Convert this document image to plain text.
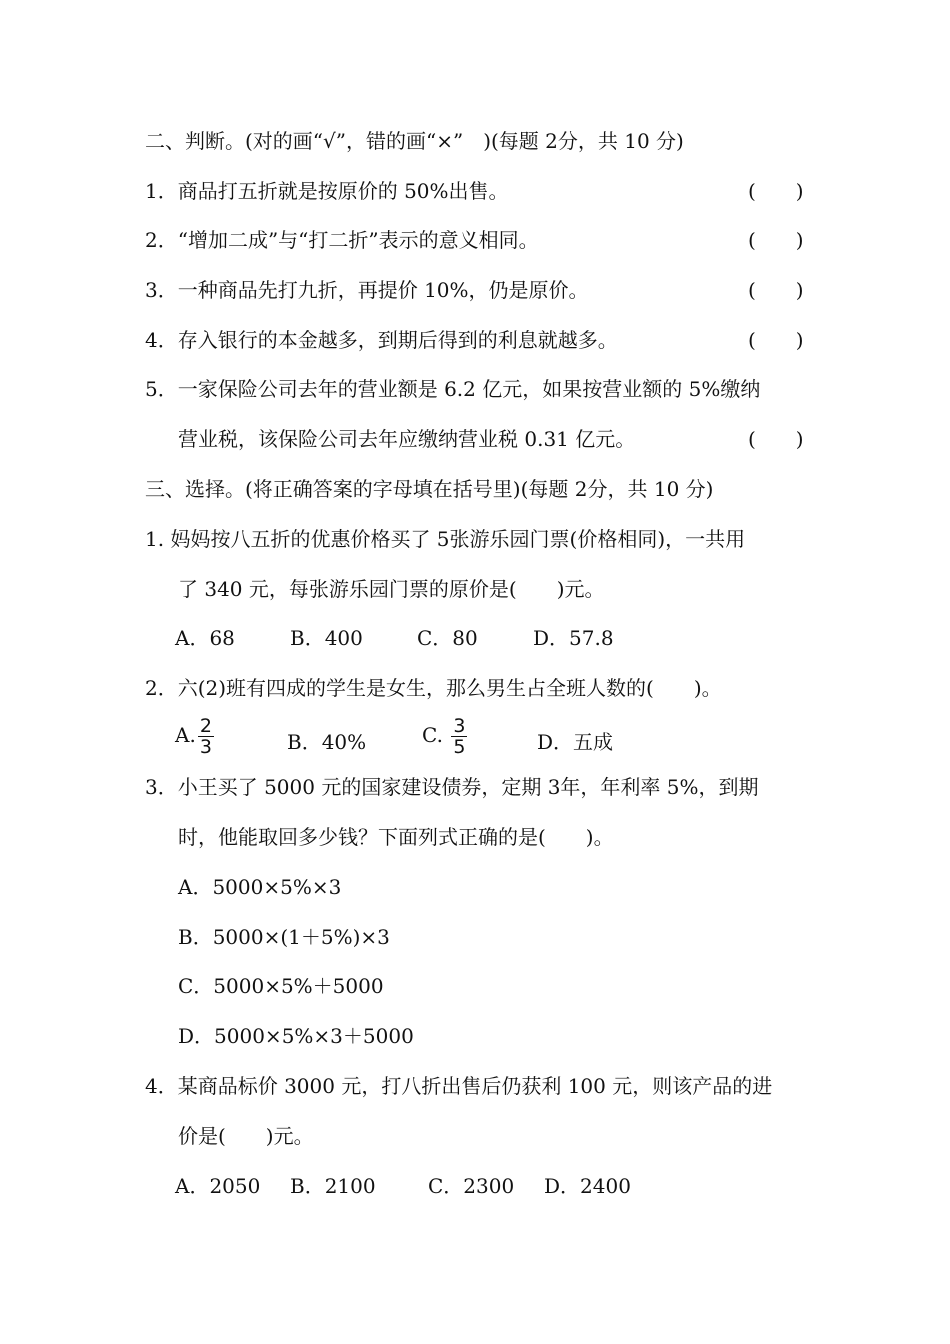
二、判断。(对的画“√”，错的画“×”　)(每题 2分，共 10 分)
1．商品打五折就是按原价的 50%出售。	(　　)
2．“增加二成”与“打二折”表示的意义相同。	(　　)
3．一种商品先打九折，再提价 10%，仍是原价。	(　　)
4．存入银行的本金越多，到期后得到的利息就越多。	(　　)
5．一家保险公司去年的营业额是 6.2 亿元，如果按营业额的 5%缴纳
营业税，该保险公司去年应缴纳营业税 0.31 亿元。	(　　)
三、选择。(将正确答案的字母填在括号里)(每题 2分，共 10 分)
1. 妈妈按八五折的优惠价格买了 5张游乐园门票(价格相同)，一共用
了 340 元，每张游乐园门票的原价是(　　)元。
A．68	B．400	C．80	D．57.8
2．六(2)班有四成的学生是女生，那么男生占全班人数的(　　)。
A. $\frac{2}{3}$	B．40%	C. $\frac{3}{5}$	D．五成
3．小王买了 5000 元的国家建设债券，定期 3年，年利率 5%，到期
时，他能取回多少钱？下面列式正确的是(　　)。
A．5000×5%×3
B．5000×(1＋5%)×3
C．5000×5%＋5000
D．5000×5%×3＋5000
4．某商品标价 3000 元，打八折出售后仍获利 100 元，则该产品的进
价是(　　)元。
A．2050 B．2100	C．2300 D．2400
